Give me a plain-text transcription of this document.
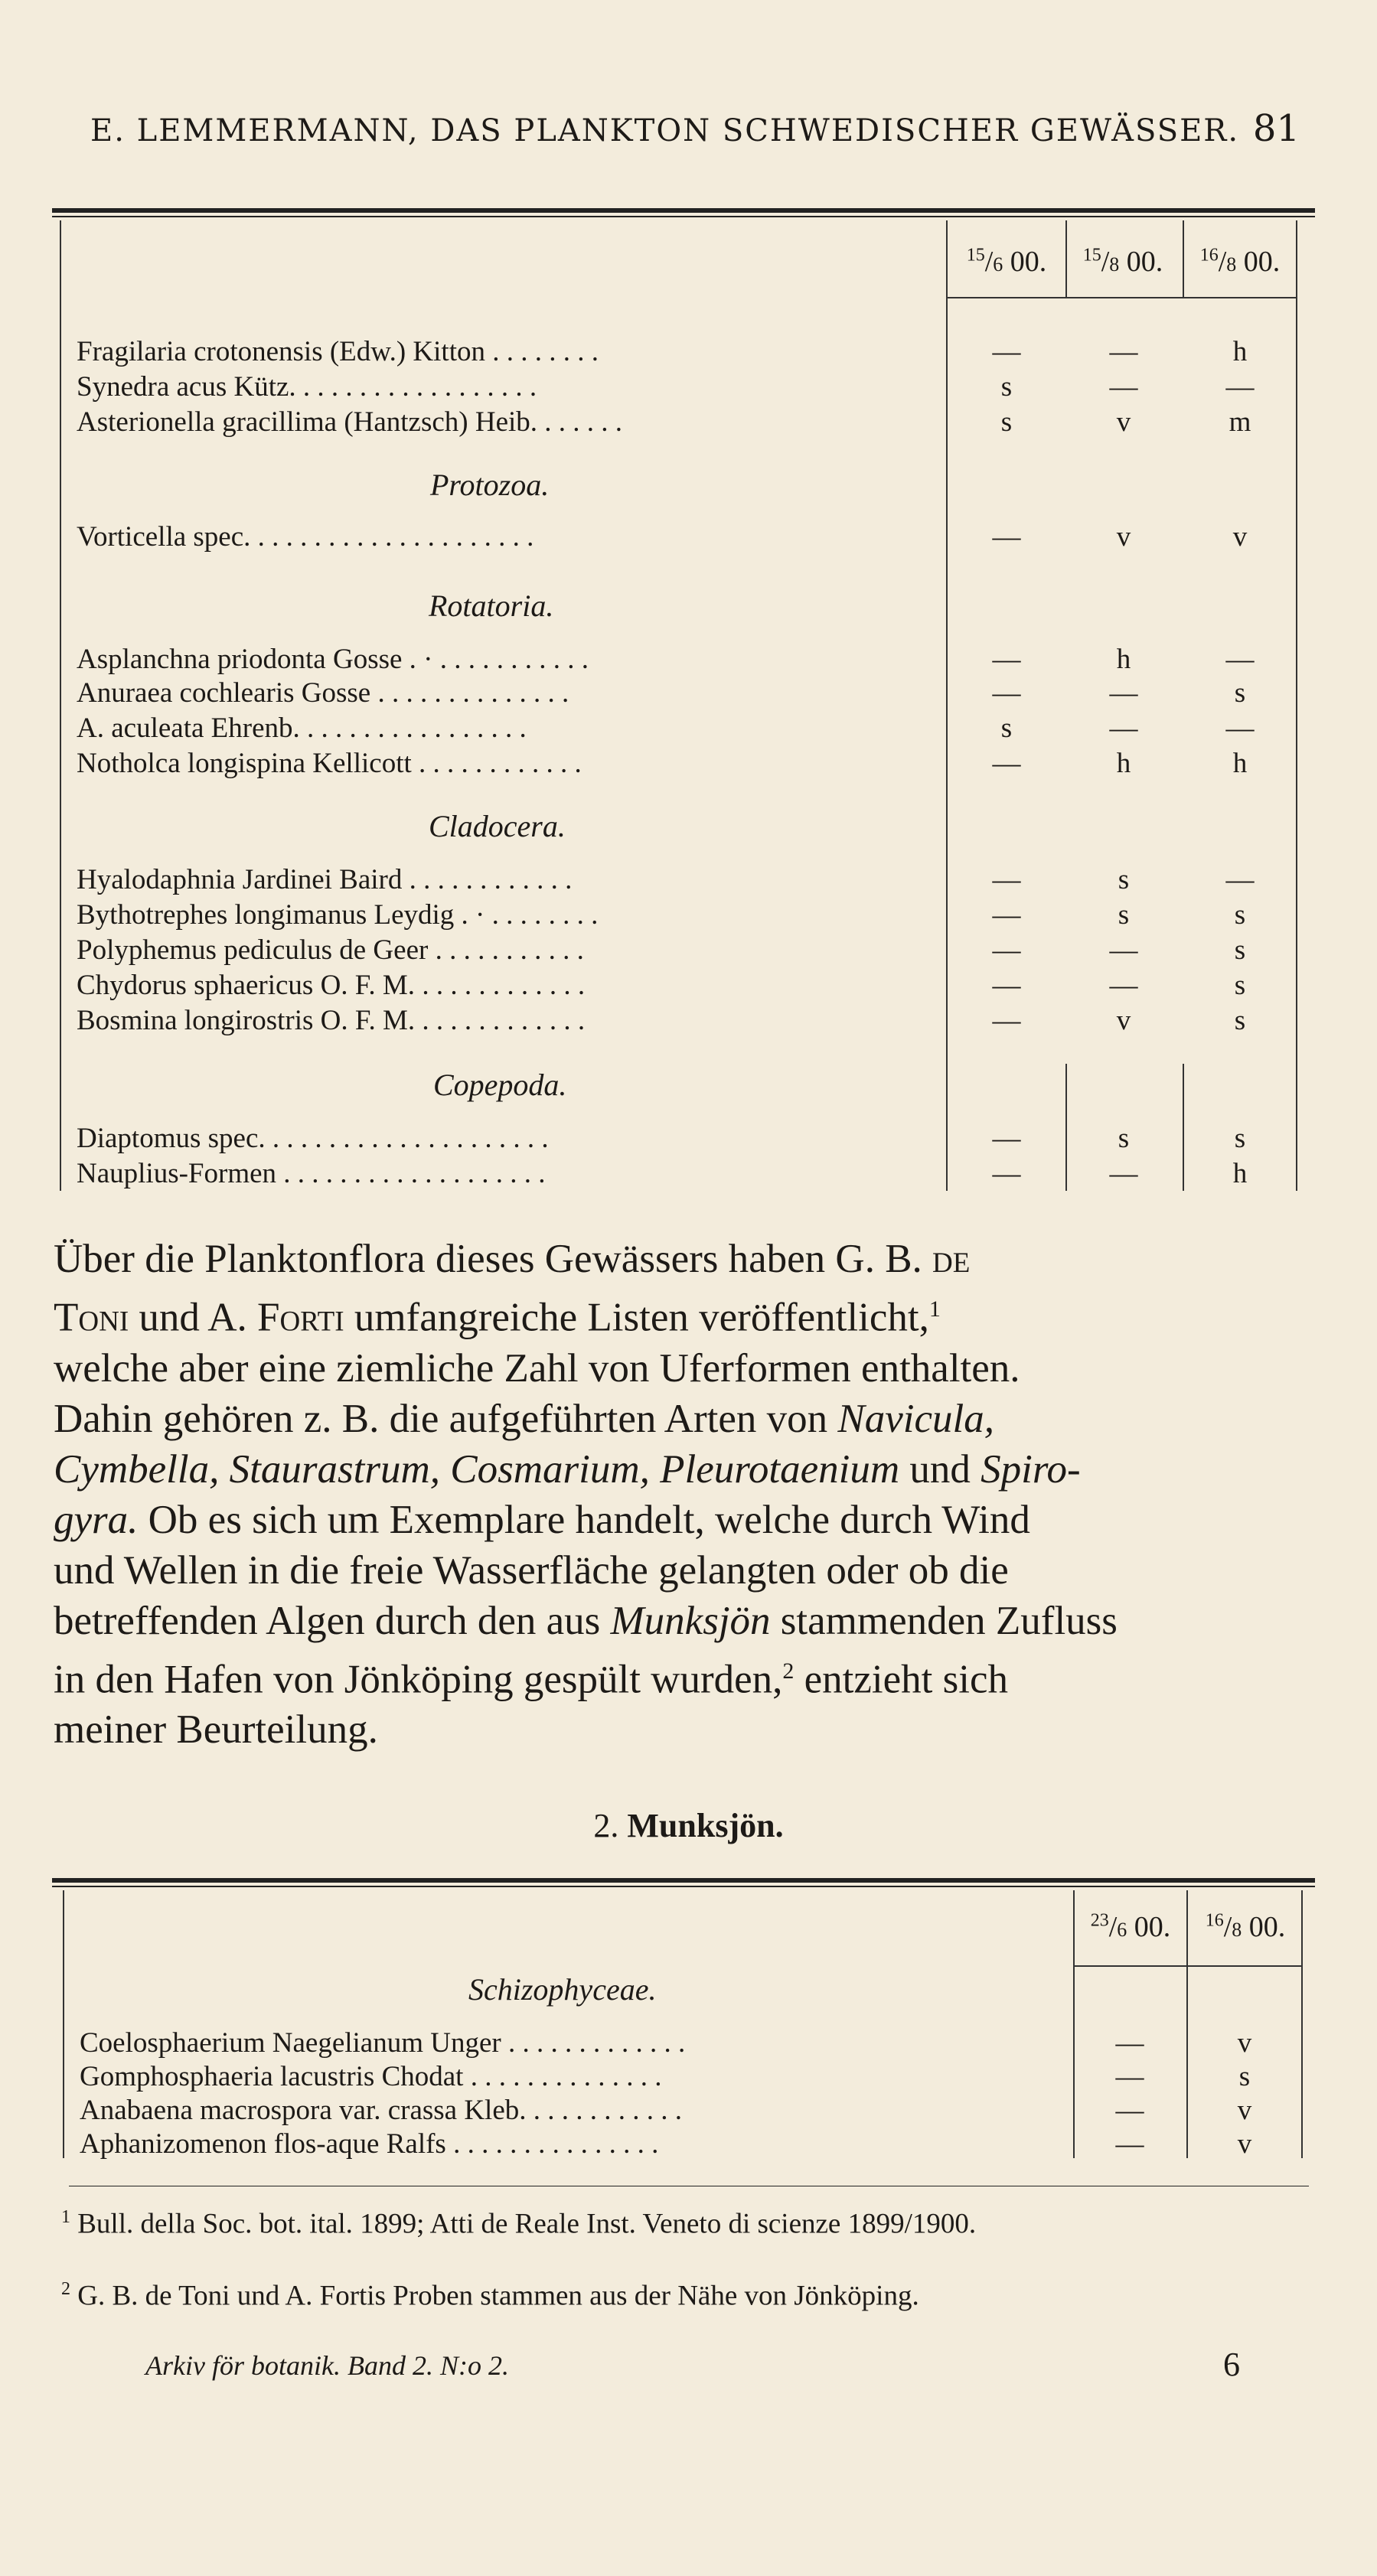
E. LEMMERMANN, DAS PLANKTON SCHWEDISCHER GEWÄSSER. 81
$^{15}$/6 00.	$^{15}$/8 00.	$^{16}$/8 00.
Fragilaria crotonensis (Edw.) Kitton . . . . . . . .	—	—	h
Synedra acus Kütz. . . . . . . . . . . . . . . . . .	s	—	—
Asterionella gracillima (Hantzsch) Heib. . . . . . .	s	v	m
Protozoa.
Vorticella spec. . . . . . . . . . . . . . . . . . . . .	—	v	v
Rotatoria.
Asplanchna priodonta Gosse . · . . . . . . . . . . .	—	h	—
Anuraea cochlearis Gosse . . . . . . . . . . . . . .	—	—	s
A. aculeata Ehrenb. . . . . . . . . . . . . . . . .	s	—	—
Notholca longispina Kellicott . . . . . . . . . . . .	—	h	h
Cladocera.
Hyalodaphnia Jardinei Baird . . . . . . . . . . . .	—	s	—
Bythotrephes longimanus Leydig . · . . . . . . . .	—	s	s
Polyphemus pediculus de Geer . . . . . . . . . . .	—	—	s
Chydorus sphaericus O. F. M. . . . . . . . . . . . .	—	—	s
Bosmina longirostris O. F. M. . . . . . . . . . . . .	—	v	s
Copepoda.
Diaptomus spec. . . . . . . . . . . . . . . . . . . . .	—	s	s
Nauplius-Formen . . . . . . . . . . . . . . . . . . .	—	—	h
Über die Planktonflora dieses Gewässers haben G. B. de
Toni und A. Forti umfangreiche Listen veröffentlicht,$^1$
welche aber eine ziemliche Zahl von Uferformen enthalten.
Dahin gehören z. B. die aufgeführten Arten von Navicula,
Cymbella, Staurastrum, Cosmarium, Pleurotaenium und Spiro-
gyra. Ob es sich um Exemplare handelt, welche durch Wind
und Wellen in die freie Wasserfläche gelangten oder ob die
betreffenden Algen durch den aus Munksjön stammenden Zufluss
in den Hafen von Jönköping gespült wurden,$^2$ entzieht sich
meiner Beurteilung.
2. Munksjön.
$^{23}$/6 00.	$^{16}$/8 00.
Schizophyceae.
Coelosphaerium Naegelianum Unger . . . . . . . . . . . . .	—	v
Gomphosphaeria lacustris Chodat . . . . . . . . . . . . . .	—	s
Anabaena macrospora var. crassa Kleb. . . . . . . . . . . .	—	v
Aphanizomenon flos-aque Ralfs . . . . . . . . . . . . . . .	—	v
$^1$ Bull. della Soc. bot. ital. 1899; Atti de Reale Inst. Veneto di scienze 1899/1900.
$^2$ G. B. de Toni und A. Fortis Proben stammen aus der Nähe von Jönköping.
Arkiv för botanik. Band 2. N:o 2.	6
